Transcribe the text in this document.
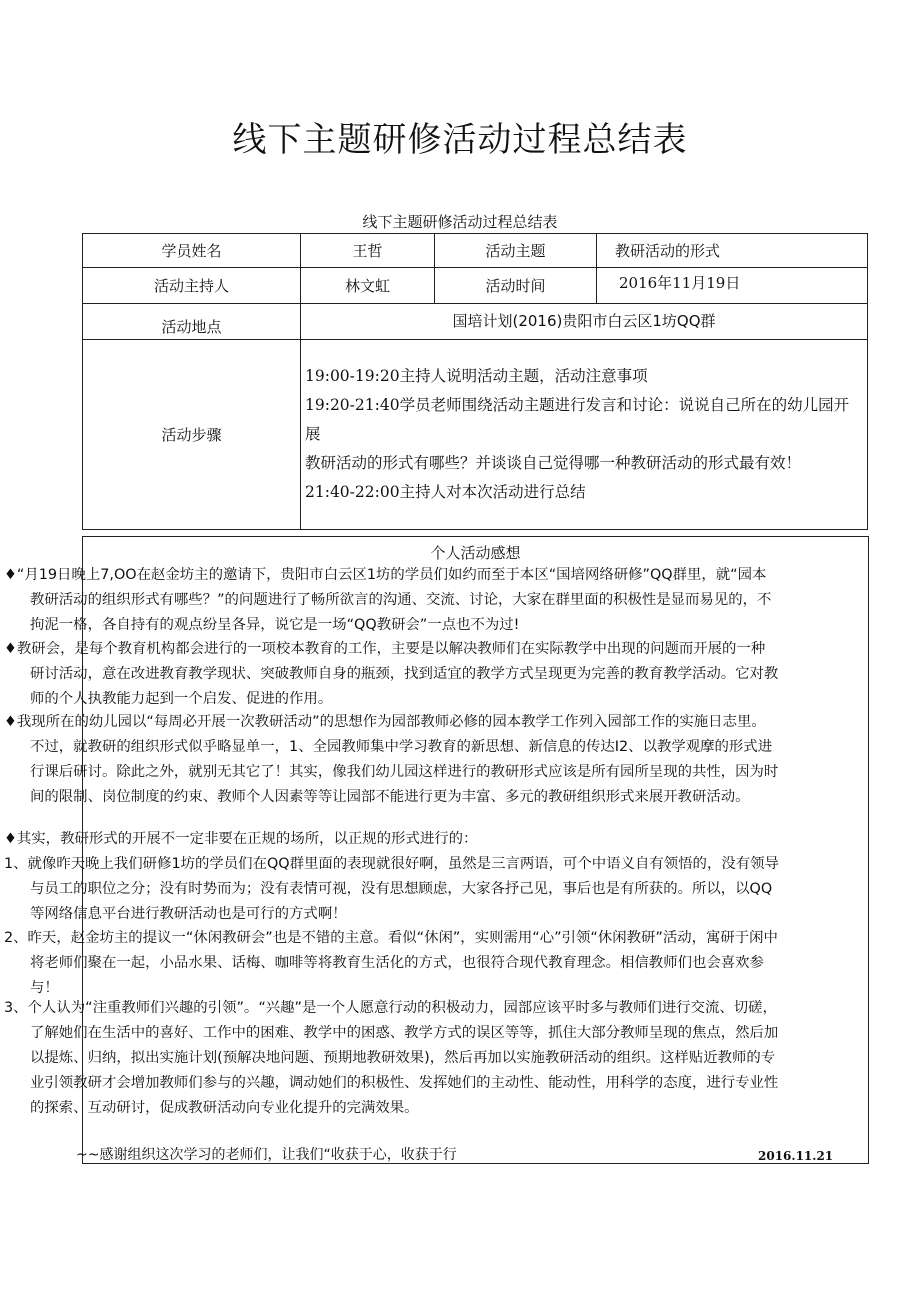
线下主题研修活动过程总结表
线下主题研修活动过程总结表
学员姓名	王哲	活动主题	教研活动的形式
活动主持人	林文虹	活动时间	2016年11月19日
活动地点	国培计划(2016)贵阳市白云区1坊QQ群		
活动步骤	19:00-19:20主持人说明活动主题，活动注意事项
19:20-21:40学员老师围绕活动主题进行发言和讨论：说说自己所在的幼儿园开展
教研活动的形式有哪些？并谈谈自己觉得哪一种教研活动的形式最有效！
21:40-22:00主持人对本次活动进行总结		
个人活动感想
♦“月19日晚上7,OO在赵金坊主的邀请下，贵阳市白云区1坊的学员们如约而至于本区“国培网络研修”QQ群里，就“园本教研活动的组织形式有哪些？”的问题进行了畅所欲言的沟通、交流、讨论，大家在群里面的积极性是显而易见的，不拘泥一格，各自持有的观点纷呈各异，说它是一场“QQ教研会”一点也不为过!
♦教研会，是每个教育机构都会进行的一项校本教育的工作，主要是以解决教师们在实际教学中出现的问题而开展的一种研讨活动，意在改进教育教学现状、突破教师自身的瓶颈，找到适宜的教学方式呈现更为完善的教育教学活动。它对教师的个人执教能力起到一个启发、促进的作用。
♦我现所在的幼儿园以“每周必开展一次教研活动”的思想作为园部教师必修的园本教学工作列入园部工作的实施日志里。不过，就教研的组织形式似乎略显单一，1、全园教师集中学习教育的新思想、新信息的传达I2、以教学观摩的形式进行课后研讨。除此之外，就别无其它了！其实，像我们幼儿园这样进行的教研形式应该是所有园所呈现的共性，因为时间的限制、岗位制度的约束、教师个人因素等等让园部不能进行更为丰富、多元的教研组织形式来展开教研活动。
♦其实，教研形式的开展不一定非要在正规的场所，以正规的形式进行的：
1、就像昨天晚上我们研修1坊的学员们在QQ群里面的表现就很好啊，虽然是三言两语，可个中语义自有领悟的，没有领导与员工的职位之分；没有时势而为；没有表情可视，没有思想顾虑，大家各抒己见，事后也是有所获的。所以，以QQ等网络信息平台进行教研活动也是可行的方式啊！
2、昨天，赵金坊主的提议一“休闲教研会”也是不错的主意。看似“休闲”，实则需用“心”引领“休闲教研”活动，寓研于闲中将老师们聚在一起，小品水果、话梅、咖啡等将教育生活化的方式，也很符合现代教育理念。相信教师们也会喜欢参与！
3、个人认为“注重教师们兴趣的引领”。“兴趣”是一个人愿意行动的积极动力，园部应该平时多与教师们进行交流、切磋，了解她们在生活中的喜好、工作中的困难、教学中的困惑、教学方式的误区等等，抓住大部分教师呈现的焦点，然后加以提炼、归纳，拟出实施计划(预解决地问题、预期地教研效果)，然后再加以实施教研活动的组织。这样贴近教师的专业引领教研才会增加教师们参与的兴趣，调动她们的积极性、发挥她们的主动性、能动性，用科学的态度，进行专业性的探索、互动研讨，促成教研活动向专业化提升的完满效果。
~~感谢组织这次学习的老师们，让我们“收获于心，收获于行	2016.11.21
